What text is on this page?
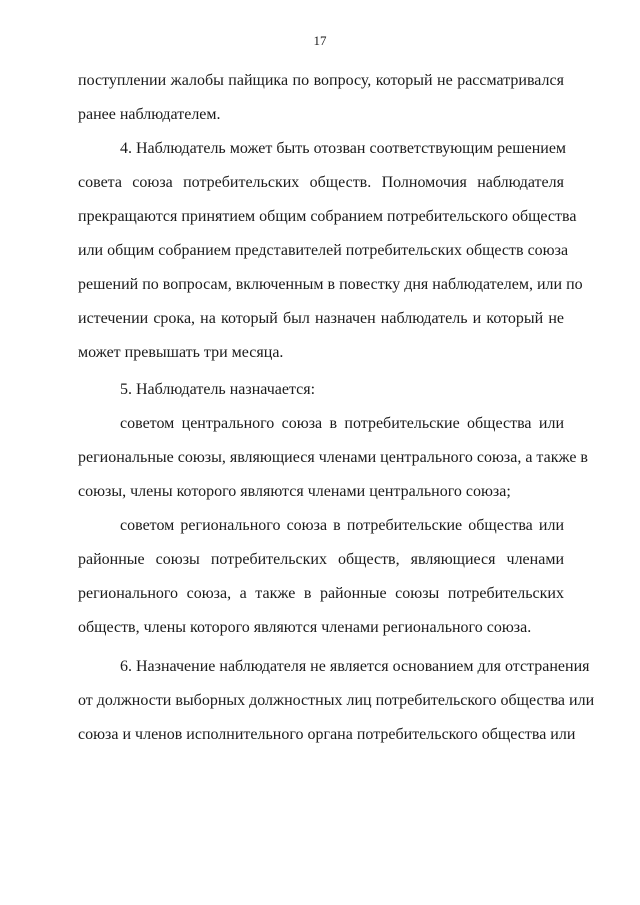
17
поступлении жалобы пайщика по вопросу, который не рассматривался
ранее наблюдателем.
4. Наблюдатель может быть отозван соответствующим решением
совета союза потребительских обществ. Полномочия наблюдателя
прекращаются принятием общим собранием потребительского общества
или общим собранием представителей потребительских обществ союза
решений по вопросам, включенным в повестку дня наблюдателем, или по
истечении срока, на который был назначен наблюдатель и который не
может превышать три месяца.
5. Наблюдатель назначается:
советом центрального союза в потребительские общества или
региональные союзы, являющиеся членами центрального союза, а также в
союзы, члены которого являются членами центрального союза;
советом регионального союза в потребительские общества или
районные союзы потребительских обществ, являющиеся членами
регионального союза, а также в районные союзы потребительских
обществ, члены которого являются членами регионального союза.
6. Назначение наблюдателя не является основанием для отстранения
от должности выборных должностных лиц потребительского общества или
союза и членов исполнительного органа потребительского общества или
